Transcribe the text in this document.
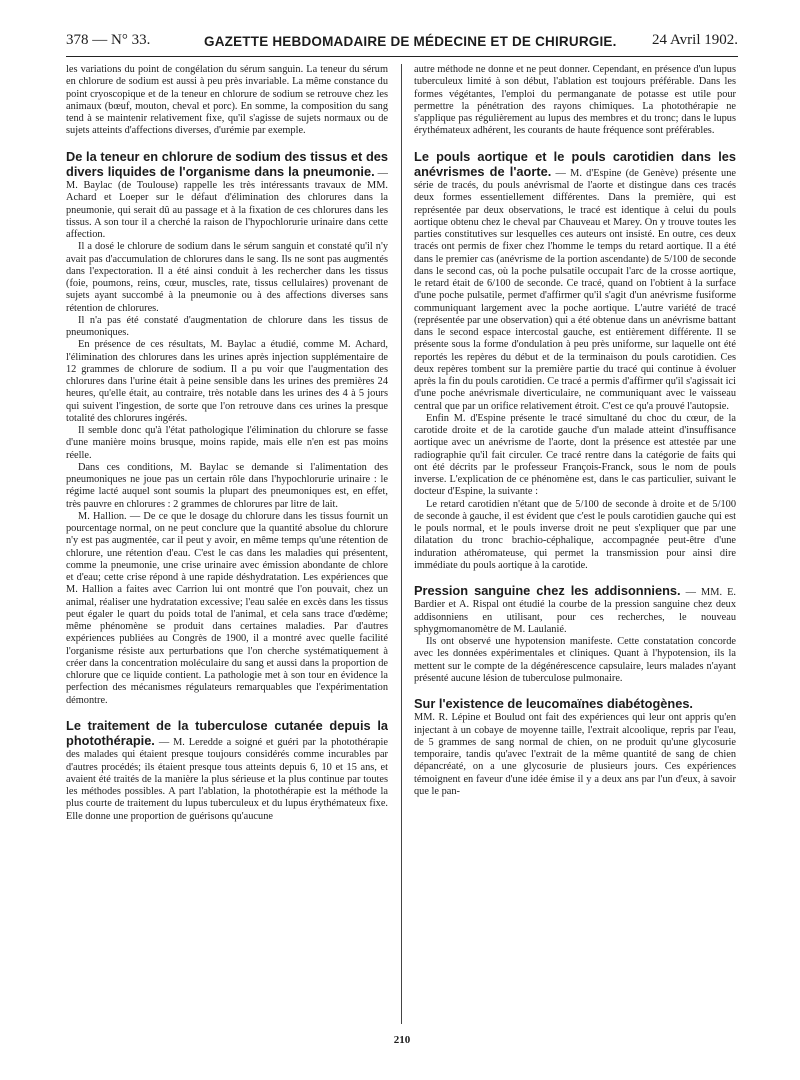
378 — N° 33.	GAZETTE HEBDOMADAIRE DE MÉDECINE ET DE CHIRURGIE. 24 Avril 1902.

les variations du point de congélation du sérum sanguin. La teneur du sérum en chlorure de sodium est aussi à peu près invariable. La même constance du point cryoscopique et de la teneur en chlorure de sodium se retrouve chez les animaux (bœuf, mouton, cheval et porc). En somme, la composition du sang tend à se maintenir relativement fixe, qu'il s'agisse de sujets normaux ou de sujets atteints d'affections diverses, d'urémie par exemple.

De la teneur en chlorure de sodium des tissus et des divers liquides de l'organisme dans la pneumonie. — M. Baylac (de Toulouse) rappelle les très intéressants travaux de MM. Achard et Loeper sur le défaut d'élimination des chlorures dans la pneumonie, qui serait dû au passage et à la fixation de ces chlorures dans les tissus. A son tour il a cherché la raison de l'hypochlorurie urinaire dans cette affection.

Il a dosé le chlorure de sodium dans le sérum sanguin et constaté qu'il n'y avait pas d'accumulation de chlorures dans le sang. Ils ne sont pas augmentés dans l'expectoration. Il a été ainsi conduit à les rechercher dans les tissus (foie, poumons, reins, cœur, muscles, rate, tissus cellulaires) provenant de sujets ayant succombé à la pneumonie ou à des affections diverses sans rétention de chlorures.

Il n'a pas été constaté d'augmentation de chlorure dans les tissus de pneumoniques.

En présence de ces résultats, M. Baylac a étudié, comme M. Achard, l'élimination des chlorures dans les urines après injection supplémentaire de 12 grammes de chlorure de sodium. Il a pu voir que l'augmentation des chlorures dans l'urine était à peine sensible dans les urines des premières 24 heures, qu'elle était, au contraire, très notable dans les urines des 4 à 5 jours qui suivent l'ingestion, de sorte que l'on retrouve dans ces urines la presque totalité des chlorures ingérés.

Il semble donc qu'à l'état pathologique l'élimination du chlorure se fasse d'une manière moins brusque, moins rapide, mais elle n'en est pas moins réelle.

Dans ces conditions, M. Baylac se demande si l'alimentation des pneumoniques ne joue pas un certain rôle dans l'hypochlorurie urinaire : le régime lacté auquel sont soumis la plupart des pneumoniques est, en effet, très pauvre en chlorures : 2 grammes de chlorures par litre de lait.

M. Hallion. — De ce que le dosage du chlorure dans les tissus fournit un pourcentage normal, on ne peut conclure que la quantité absolue du chlorure n'y est pas augmentée, car il peut y avoir, en même temps qu'une rétention de chlorure, une rétention d'eau. C'est le cas dans les maladies qui présentent, comme la pneumonie, une crise urinaire avec émission abondante de chlore et d'eau; cette crise répond à une rapide déshydratation. Les expériences que M. Hallion a faites avec Carrion lui ont montré que l'on pouvait, chez un animal, réaliser une hydratation excessive; l'eau salée en excès dans les tissus peut égaler le quart du poids total de l'animal, et cela sans trace d'œdème; même phénomène se produit dans certaines maladies. Par d'autres expériences publiées au Congrès de 1900, il a montré avec quelle facilité l'organisme résiste aux perturbations que l'on cherche systématiquement à créer dans la concentration moléculaire du sang et aussi dans la proportion de chlorure que ce liquide contient. La pathologie met à son tour en évidence la perfection des mécanismes régulateurs remarquables que l'expérimentation démontre.

Le traitement de la tuberculose cutanée depuis la photothérapie. — M. Leredde a soigné et guéri par la photothérapie des malades qui étaient presque toujours considérés comme incurables par d'autres procédés; ils étaient presque tous atteints depuis 6, 10 et 15 ans, et avaient été traités de la manière la plus sérieuse et la plus continue par toutes les méthodes possibles. A part l'ablation, la photothérapie est la méthode la plus courte de traitement du lupus tuberculeux et du lupus érythémateux fixe. Elle donne une proportion de guérisons qu'aucune

autre méthode ne donne et ne peut donner. Cependant, en présence d'un lupus tuberculeux limité à son début, l'ablation est toujours préférable. Dans les formes végétantes, l'emploi du permanganate de potasse est utile pour permettre la pénétration des rayons chimiques. La photothérapie ne s'applique pas régulièrement au lupus des membres et du tronc; dans le lupus érythémateux adhérent, les courants de haute fréquence sont préférables.

Le pouls aortique et le pouls carotidien dans les anévrismes de l'aorte. — M. d'Espine (de Genève) présente une série de tracés, du pouls anévrismal de l'aorte et distingue dans ces tracés deux formes essentiellement différentes. Dans la première, qui est représentée par deux observations, le tracé est identique à celui du pouls aortique obtenu chez le cheval par Chauveau et Marey. On y trouve toutes les parties constitutives sur lesquelles ces auteurs ont insisté. En outre, ces deux tracés ont permis de fixer chez l'homme le temps du retard aortique. Il a été dans le premier cas (anévrisme de la portion ascendante) de 5/100 de seconde dans le second cas, où la poche pulsatile occupait l'arc de la crosse aortique, le retard était de 6/100 de seconde. Ce tracé, quand on l'obtient à la surface d'une poche pulsatile, permet d'affirmer qu'il s'agit d'un anévrisme fusiforme communiquant largement avec la poche aortique. L'autre variété de tracé (représentée par une observation) qui a été obtenue dans un anévrisme battant dans le second espace intercostal gauche, est entièrement différente. Il se présente sous la forme d'ondulation à peu près uniforme, sur laquelle ont été reportés les repères du début et de la terminaison du pouls carotidien. Ces deux repères tombent sur la première partie du tracé qui continue à évoluer après la fin du pouls carotidien. Ce tracé a permis d'affirmer qu'il s'agissait ici d'une poche anévrismale diverticulaire, ne communiquant avec le vaisseau central que par un orifice relativement étroit. C'est ce qu'a prouvé l'autopsie.

Enfin M. d'Espine présente le tracé simultané du choc du cœur, de la carotide droite et de la carotide gauche d'un malade atteint d'insuffisance aortique avec un anévrisme de l'aorte, dont la présence est attestée par une radiographie qu'il fait circuler. Ce tracé rentre dans la catégorie de faits qui ont été décrits par le professeur François-Franck, sous le nom de pouls inverse. L'explication de ce phénomène est, dans le cas particulier, suivant le docteur d'Espine, la suivante :

Le retard carotidien n'étant que de 5/100 de seconde à droite et de 5/100 de seconde à gauche, il est évident que c'est le pouls carotidien gauche qui est le pouls normal, et le pouls inverse droit ne peut s'expliquer que par une dilatation du tronc brachio-céphalique, accompagnée peut-être d'une induration athéromateuse, qui permet la transmission pour ainsi dire immédiate du pouls aortique à la carotide.

Pression sanguine chez les addisonniens. — MM. E. Bardier et A. Rispal ont étudié la courbe de la pression sanguine chez deux addisonniens en utilisant, pour ces recherches, le nouveau sphygmomanomètre de M. Laulanié.

Ils ont observé une hypotension manifeste. Cette constatation concorde avec les données expérimentales et cliniques. Quant à l'hypotension, ils la mettent sur le compte de la dégénérescence capsulaire, leurs malades n'ayant présenté aucune lésion de tuberculose pulmonaire.

Sur l'existence de leucomaïnes diabétogènes.

MM. R. Lépine et Boulud ont fait des expériences qui leur ont appris qu'en injectant à un cobaye de moyenne taille, l'extrait alcoolique, repris par l'eau, de 5 grammes de sang normal de chien, on ne produit qu'une glycosurie temporaire, tandis qu'avec l'extrait de la même quantité de sang de chien dépancréaté, on a une glycosurie de plusieurs jours. Ces expériences témoignent en faveur d'une idée émise il y a deux ans par l'un d'eux, à savoir que le pan-

210
